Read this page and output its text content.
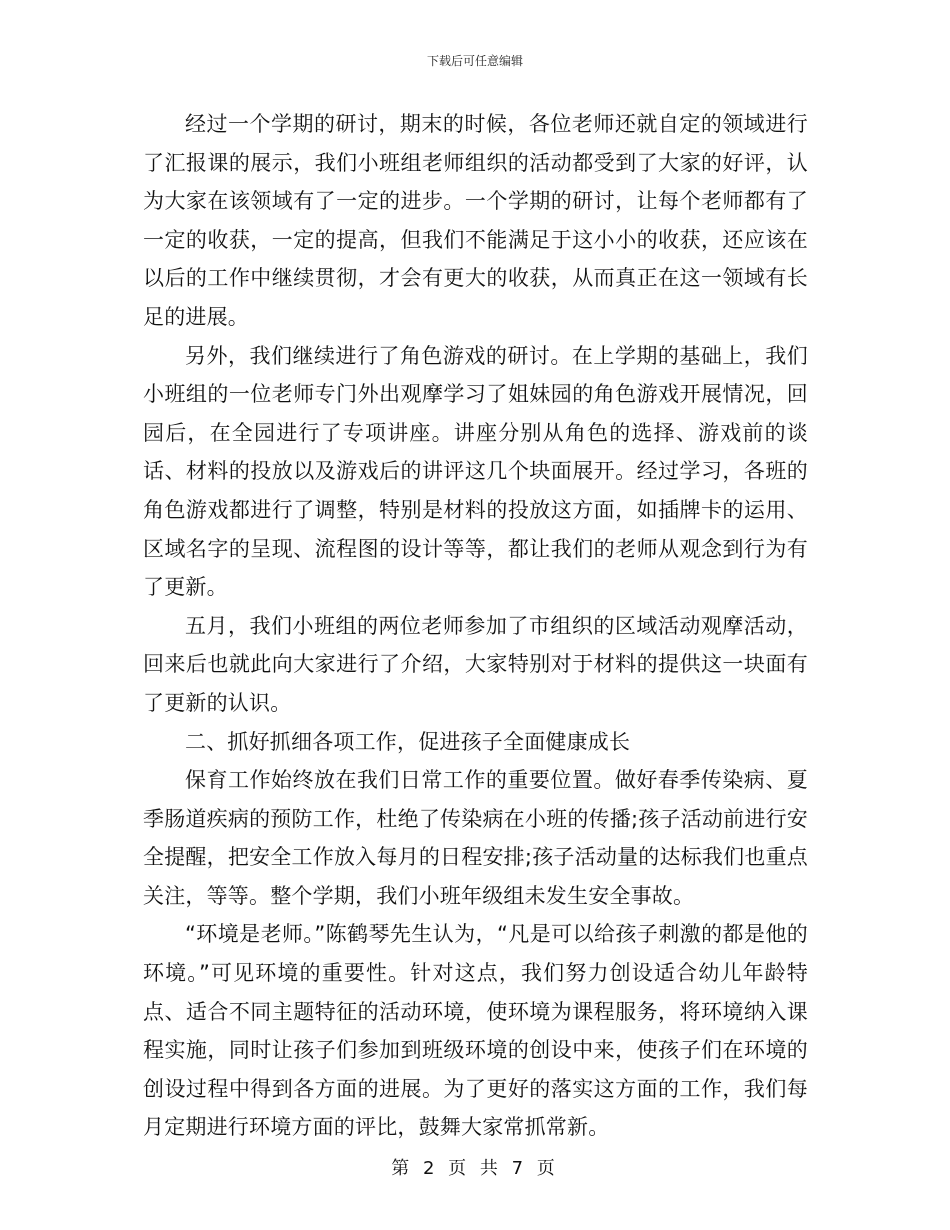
下载后可任意编辑

经过一个学期的研讨，期末的时候，各位老师还就自定的领域进行了汇报课的展示，我们小班组老师组织的活动都受到了大家的好评，认为大家在该领域有了一定的进步。一个学期的研讨，让每个老师都有了一定的收获，一定的提高，但我们不能满足于这小小的收获，还应该在以后的工作中继续贯彻，才会有更大的收获，从而真正在这一领域有长足的进展。

另外，我们继续进行了角色游戏的研讨。在上学期的基础上，我们小班组的一位老师专门外出观摩学习了姐妹园的角色游戏开展情况，回园后，在全园进行了专项讲座。讲座分别从角色的选择、游戏前的谈话、材料的投放以及游戏后的讲评这几个块面展开。经过学习，各班的角色游戏都进行了调整，特别是材料的投放这方面，如插牌卡的运用、区域名字的呈现、流程图的设计等等，都让我们的老师从观念到行为有了更新。

五月，我们小班组的两位老师参加了市组织的区域活动观摩活动，回来后也就此向大家进行了介绍，大家特别对于材料的提供这一块面有了更新的认识。

二、抓好抓细各项工作，促进孩子全面健康成长

保育工作始终放在我们日常工作的重要位置。做好春季传染病、夏季肠道疾病的预防工作，杜绝了传染病在小班的传播;孩子活动前进行安全提醒，把安全工作放入每月的日程安排;孩子活动量的达标我们也重点关注，等等。整个学期，我们小班年级组未发生安全事故。

“环境是老师。”陈鹤琴先生认为，“凡是可以给孩子刺激的都是他的环境。”可见环境的重要性。针对这点，我们努力创设适合幼儿年龄特点、适合不同主题特征的活动环境，使环境为课程服务，将环境纳入课程实施，同时让孩子们参加到班级环境的创设中来，使孩子们在环境的创设过程中得到各方面的进展。为了更好的落实这方面的工作，我们每月定期进行环境方面的评比，鼓舞大家常抓常新。

第 2 页 共 7 页
